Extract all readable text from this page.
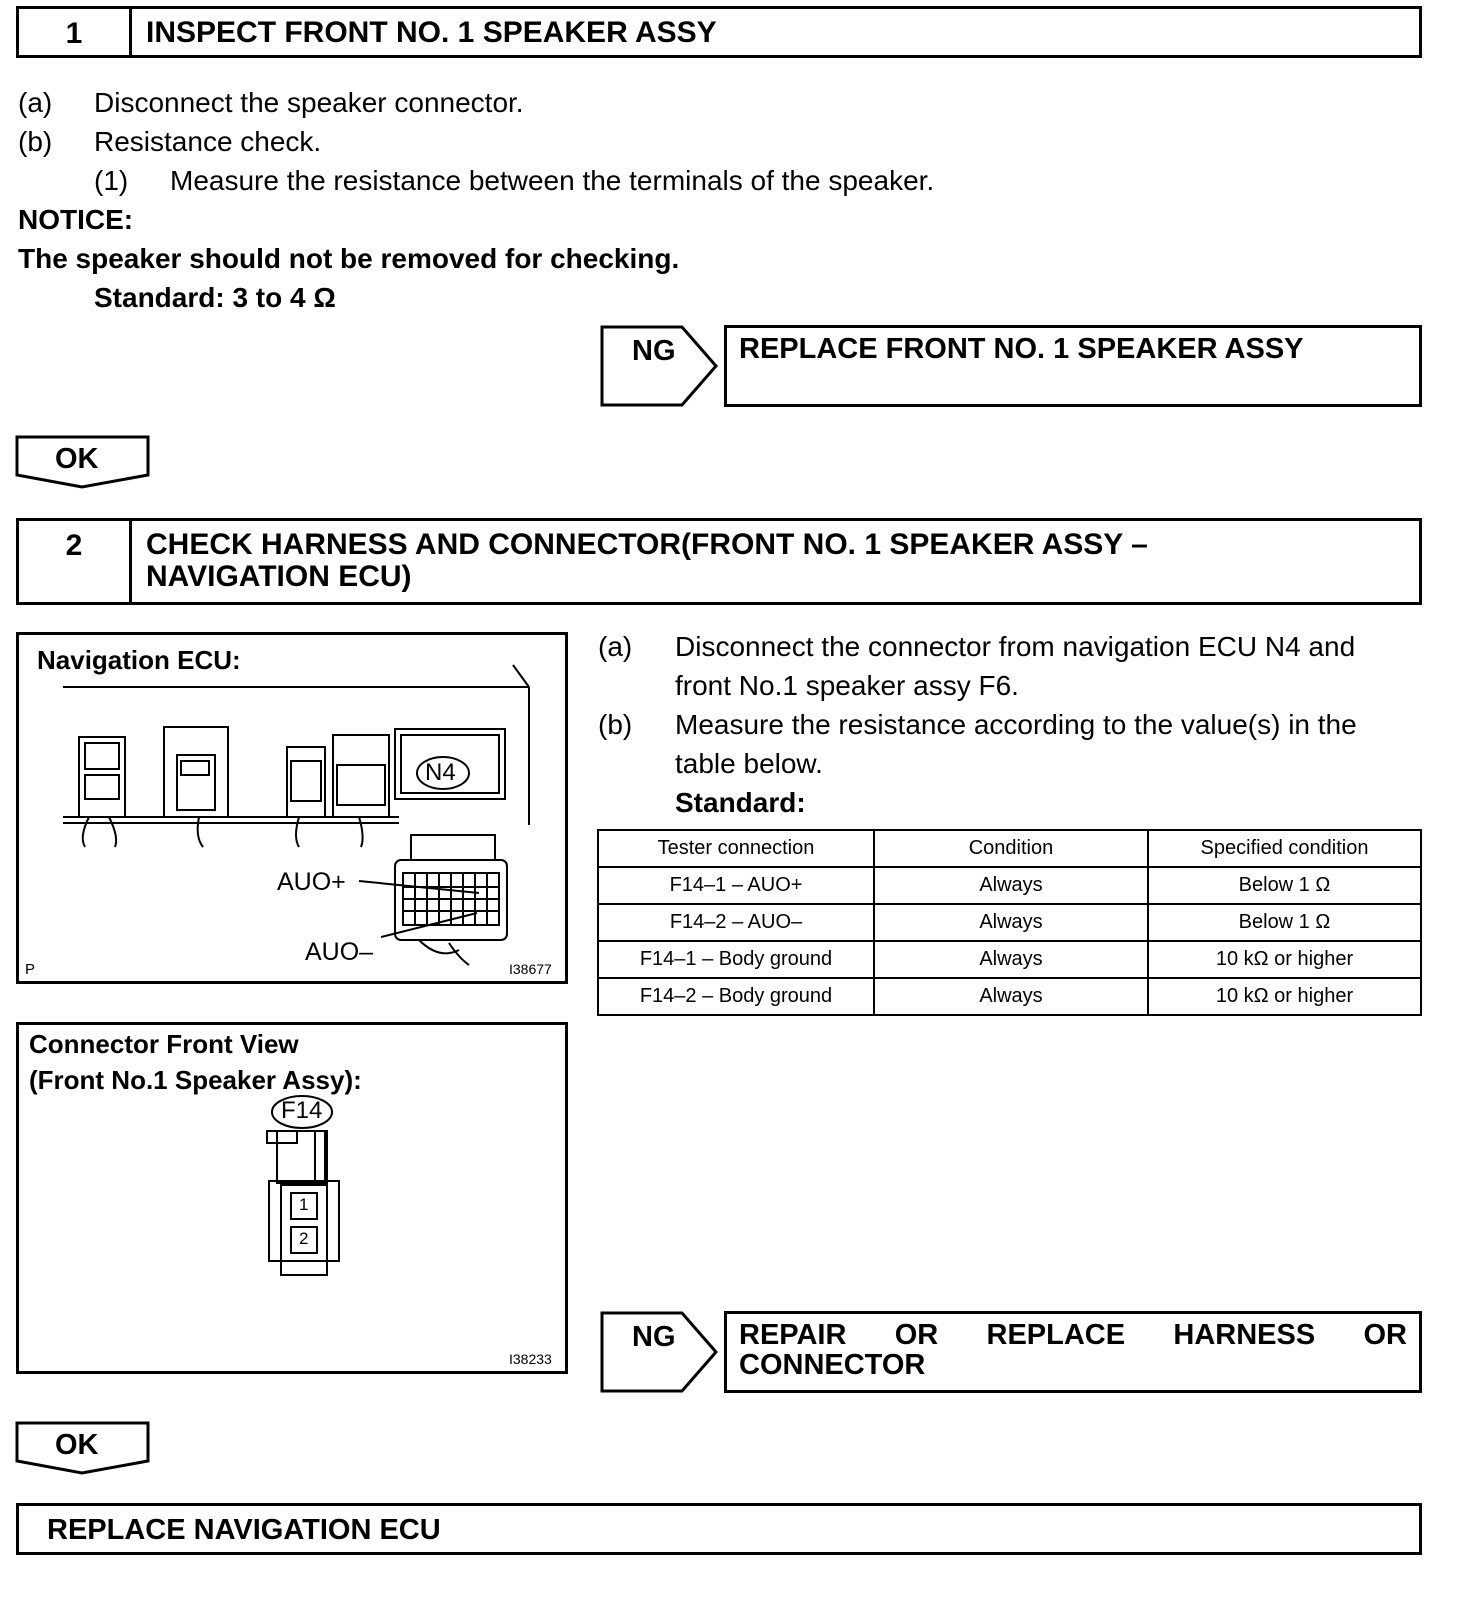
1	INSPECT FRONT NO. 1 SPEAKER ASSY
(a) Disconnect the speaker connector.
(b) Resistance check.
(1) Measure the resistance between the terminals of the speaker.
NOTICE:
The speaker should not be removed for checking.
Standard: 3 to 4 Ω
NG	REPLACE FRONT NO. 1 SPEAKER ASSY
OK
2	CHECK HARNESS AND CONNECTOR(FRONT NO. 1 SPEAKER ASSY –
NAVIGATION ECU)
Navigation ECU:
N4
AUO+
AUO–
P	I38677
(a) Disconnect the connector from navigation ECU N4 and
front No.1 speaker assy F6.
(b) Measure the resistance according to the value(s) in the
table below.
Standard:
Tester connection	Condition	Specified condition
F14–1 – AUO+	Always	Below 1 Ω
F14–2 – AUO–	Always	Below 1 Ω
F14–1 – Body ground	Always	10 kΩ or higher
F14–2 – Body ground	Always	10 kΩ or higher
Connector Front View
(Front No.1 Speaker Assy):
F14
1
2
I38233
NG REPAIR OR REPLACE HARNESS OR
CONNECTOR
OK
REPLACE NAVIGATION ECU
